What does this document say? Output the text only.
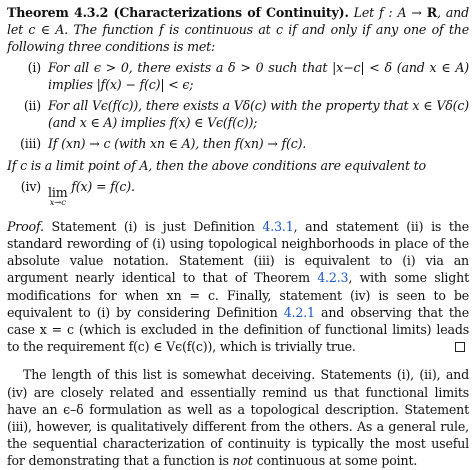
Theorem 4.3.2 (Characterizations of Continuity). Let f : A → R, and let c ∈ A. The function f is continuous at c if and only if any one of the following three conditions is met:
(i) For all ϵ > 0, there exists a δ > 0 such that |x−c| < δ (and x ∈ A) implies |f(x) − f(c)| < ϵ;
(ii) For all Vϵ(f(c)), there exists a Vδ(c) with the property that x ∈ Vδ(c) (and x ∈ A) implies f(x) ∈ Vϵ(f(c));
(iii) If (xn) → c (with xn ∈ A), then f(xn) → f(c).
If c is a limit point of A, then the above conditions are equivalent to
(iv) lim
x→c
f(x) = f(c).
Proof. Statement (i) is just Definition 4.3.1, and statement (ii) is the standard rewording of (i) using topological neighborhoods in place of the absolute value notation. Statement (iii) is equivalent to (i) via an argument nearly identical to that of Theorem 4.2.3, with some slight modifications for when xn = c. Finally, statement (iv) is seen to be equivalent to (i) by considering Definition 4.2.1 and observing that the case x = c (which is excluded in the definition of functional limits) leads to the requirement f(c) ∈ Vϵ(f(c)), which is trivially true.
The length of this list is somewhat deceiving. Statements (i), (ii), and (iv) are closely related and essentially remind us that functional limits have an ϵ–δ formulation as well as a topological description. Statement (iii), however, is qualitatively different from the others. As a general rule, the sequential characterization of continuity is typically the most useful for demonstrating that a function is not continuous at some point.
